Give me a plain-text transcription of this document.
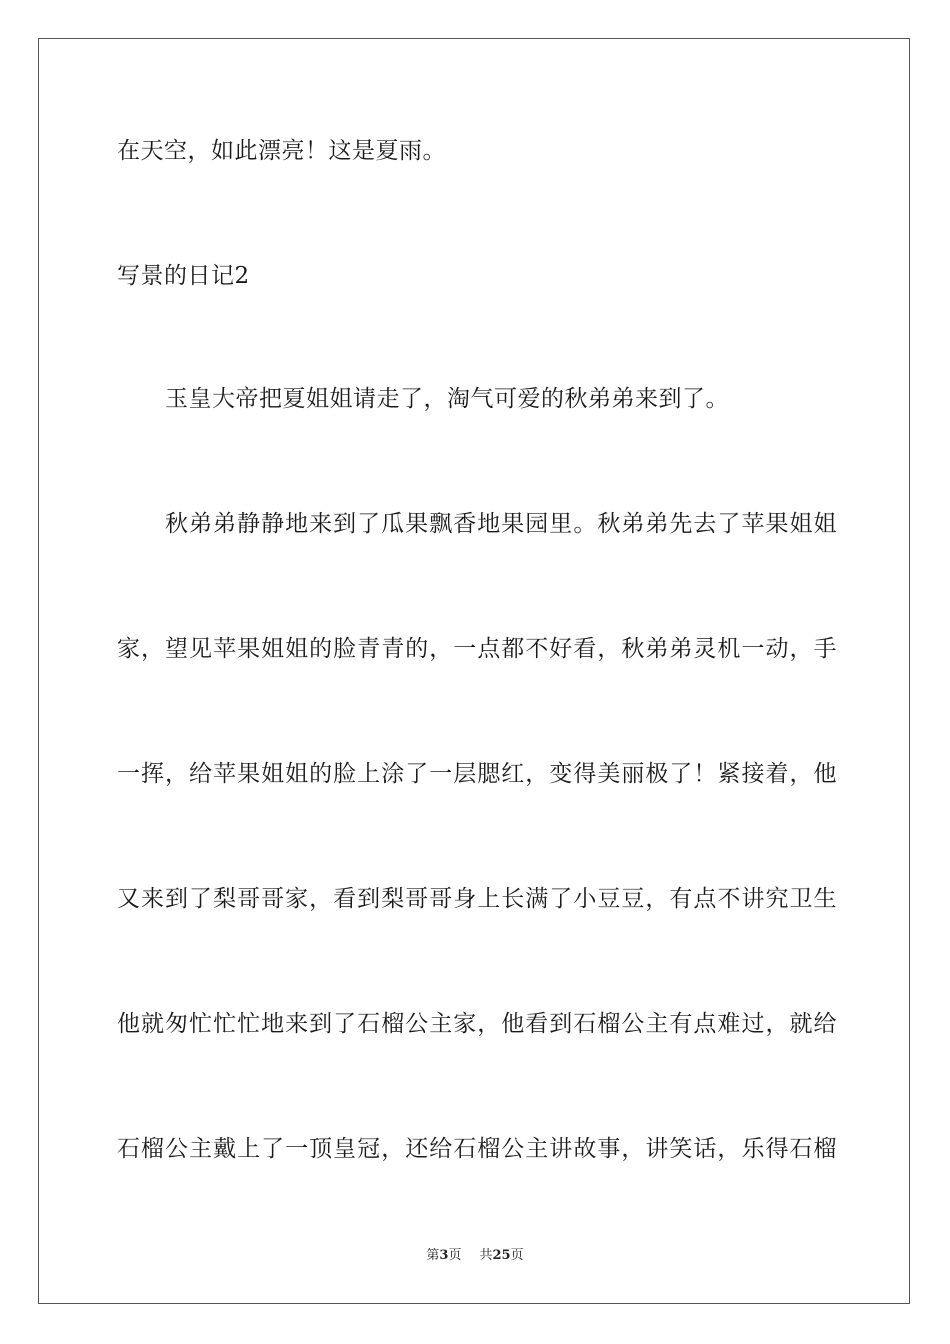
在天空，如此漂亮！这是夏雨。
写景的日记2
玉皇大帝把夏姐姐请走了，淘气可爱的秋弟弟来到了。
秋弟弟静静地来到了瓜果飘香地果园里。秋弟弟先去了苹果姐姐
家，望见苹果姐姐的脸青青的，一点都不好看，秋弟弟灵机一动，手
一挥，给苹果姐姐的脸上涂了一层腮红，变得美丽极了！紧接着，他
又来到了梨哥哥家，看到梨哥哥身上长满了小豆豆，有点不讲究卫生
他就匆忙忙忙地来到了石榴公主家，他看到石榴公主有点难过，就给
石榴公主戴上了一顶皇冠，还给石榴公主讲故事，讲笑话，乐得石榴
第3页 共25页
